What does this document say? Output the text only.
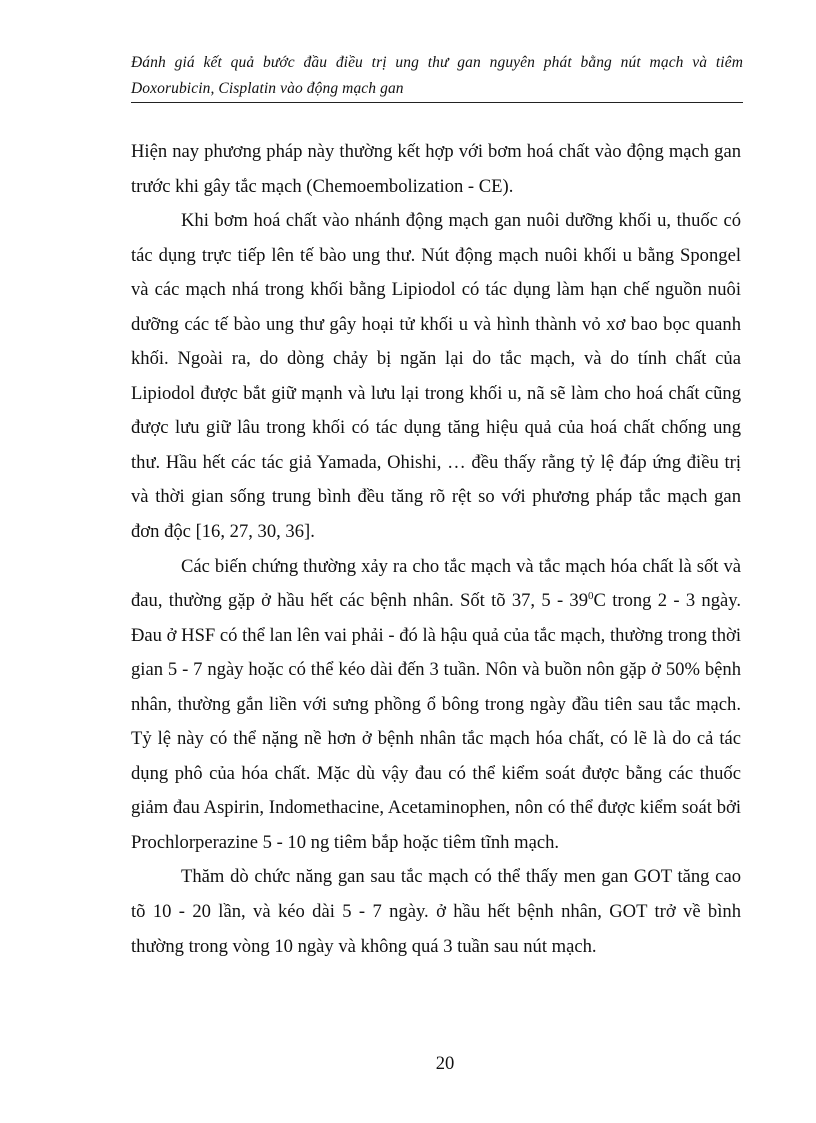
Đánh giá kết quả bước đầu điều trị ung thư gan nguyên phát bằng nút mạch và tiêm Doxorubicin, Cisplatin vào động mạch gan

Hiện nay phương pháp này thường kết hợp với bơm hoá chất vào động mạch gan trước khi gây tắc mạch (Chemoembolization - CE).

Khi bơm hoá chất vào nhánh động mạch gan nuôi dưỡng khối u, thuốc có tác dụng trực tiếp lên tế bào ung thư. Nút động mạch nuôi khối u bằng Spongel và các mạch nhá trong khối bằng Lipiodol có tác dụng làm hạn chế nguồn nuôi dưỡng các tế bào ung thư gây hoại tử khối u và hình thành vỏ xơ bao bọc quanh khối. Ngoài ra, do dòng chảy bị ngăn lại do tắc mạch, và do tính chất của Lipiodol được bắt giữ mạnh và lưu lại trong khối u, nã sẽ làm cho hoá chất cũng được lưu giữ lâu trong khối có tác dụng tăng hiệu quả của hoá chất chống ung thư. Hầu hết các tác giả Yamada, Ohishi, … đều thấy rằng tỷ lệ đáp ứng điều trị và thời gian sống trung bình đều tăng rõ rệt so với phương pháp tắc mạch gan đơn độc [16, 27, 30, 36].

Các biến chứng thường xảy ra cho tắc mạch và tắc mạch hóa chất là sốt và đau, thường gặp ở hầu hết các bệnh nhân. Sốt tõ 37, $5 - 39^0C$ trong 2 - 3 ngày. Đau ở HSF có thể lan lên vai phải - đó là hậu quả của tắc mạch, thường trong thời gian 5 - 7 ngày hoặc có thể kéo dài đến 3 tuần. Nôn và buồn nôn gặp ở 50% bệnh nhân, thường gắn liền với sưng phồng ổ bông trong ngày đầu tiên sau tắc mạch. Tỷ lệ này có thể nặng nề hơn ở bệnh nhân tắc mạch hóa chất, có lẽ là do cả tác dụng phô của hóa chất. Mặc dù vậy đau có thể kiểm soát được bằng các thuốc giảm đau Aspirin, Indomethacine, Acetaminophen, nôn có thể được kiểm soát bởi Prochlorperazine 5 - 10 ng tiêm bắp hoặc tiêm tĩnh mạch.

Thăm dò chức năng gan sau tắc mạch có thể thấy men gan GOT tăng cao tõ 10 - 20 lần, và kéo dài 5 - 7 ngày. ở hầu hết bệnh nhân, GOT trở về bình thường trong vòng 10 ngày và không quá 3 tuần sau nút mạch.

20
